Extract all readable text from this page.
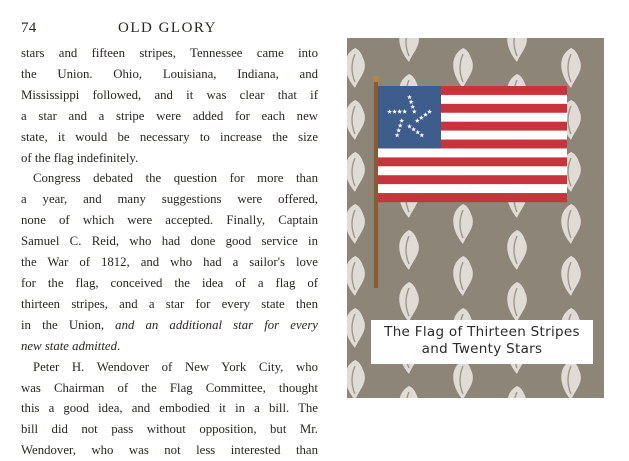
74	OLD GLORY

stars and fifteen stripes, Tennessee came into
the Union. Ohio, Louisiana, Indiana, and
Mississippi followed, and it was clear that if
a star and a stripe were added for each new
state, it would be necessary to increase the size
of the flag indefinitely.

Congress debated the question for more than
a year, and many suggestions were offered,
none of which were accepted. Finally, Captain
Samuel C. Reid, who had done good service in
the War of 1812, and who had a sailor's love
for the flag, conceived the idea of a flag of
thirteen stripes, and a star for every state then
in the Union, and an additional star for every
new state admitted.

Peter H. Wendover of New York City, who
was Chairman of the Flag Committee, thought
this a good idea, and embodied it in a bill. The
bill did not pass without opposition, but Mr.
Wendover, who was not less interested than

The Flag of Thirteen Stripes
and Twenty Stars
